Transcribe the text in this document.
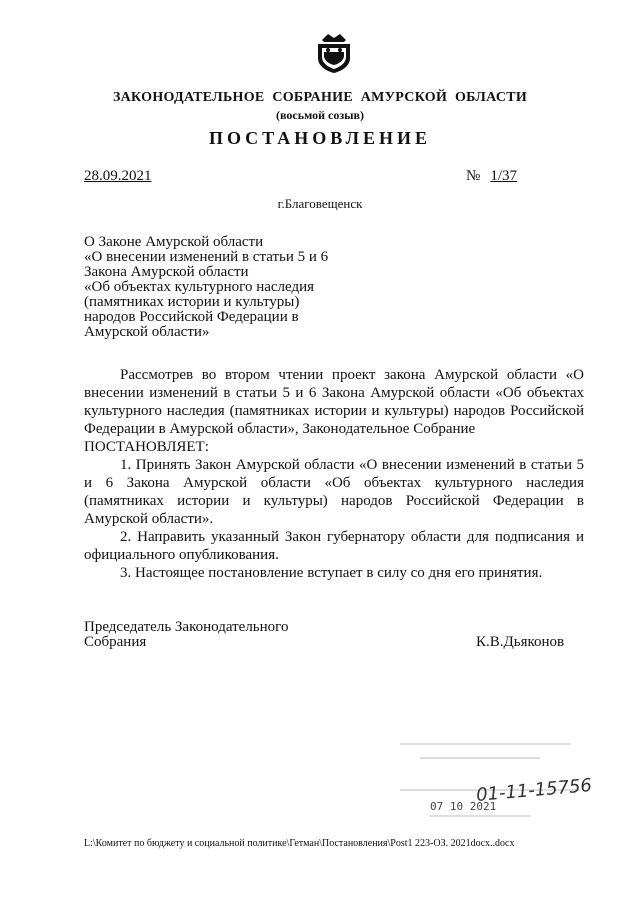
ЗАКОНОДАТЕЛЬНОЕ СОБРАНИЕ АМУРСКОЙ ОБЛАСТИ
(восьмой созыв)
ПОСТАНОВЛЕНИЕ
28.09.2021	№ 1/37
г.Благовещенск
О Законе Амурской области
«О внесении изменений в статьи 5 и 6
Закона Амурской области
«Об объектах культурного наследия
(памятниках истории и культуры)
народов Российской Федерации в
Амурской области»

Рассмотрев во втором чтении проект закона Амурской области «О внесении изменений в статьи 5 и 6 Закона Амурской области «Об объектах культурного наследия (памятниках истории и культуры) народов Российской Федерации в Амурской области», Законодательное Собрание

ПОСТАНОВЛЯЕТ:

1. Принять Закон Амурской области «О внесении изменений в статьи 5 и 6 Закона Амурской области «Об объектах культурного наследия (памятниках истории и культуры) народов Российской Федерации в Амурской области».

2. Направить указанный Закон губернатору области для подписания и официального опубликования.

3. Настоящее постановление вступает в силу со дня его принятия.

Председатель Законодательного
Собрания	К.В.Дьяконов
01-11-15756
07 10 2021
L:\Комитет по бюджету и социальной политике\Гетман\Постановления\Post1 223-ОЗ. 2021docx..docx
